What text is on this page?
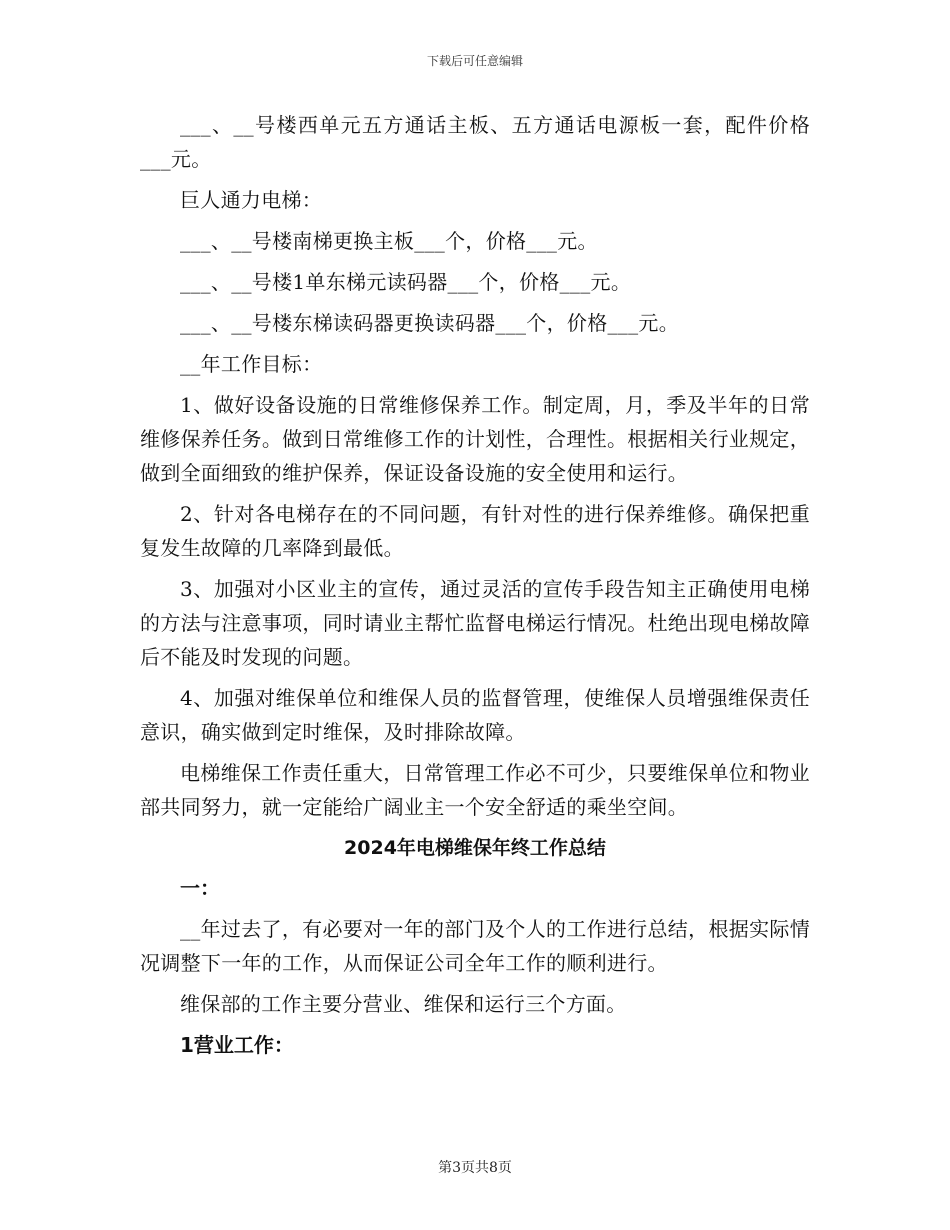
下载后可任意编辑

___、__号楼西单元五方通话主板、五方通话电源板一套，配件价格___元。

巨人通力电梯：

___、__号楼南梯更换主板___个，价格___元。

___、__号楼1单东梯元读码器___个，价格___元。

___、__号楼东梯读码器更换读码器___个，价格___元。

__年工作目标：

1、做好设备设施的日常维修保养工作。制定周，月，季及半年的日常维修保养任务。做到日常维修工作的计划性，合理性。根据相关行业规定，做到全面细致的维护保养，保证设备设施的安全使用和运行。

2、针对各电梯存在的不同问题，有针对性的进行保养维修。确保把重复发生故障的几率降到最低。

3、加强对小区业主的宣传，通过灵活的宣传手段告知主正确使用电梯的方法与注意事项，同时请业主帮忙监督电梯运行情况。杜绝出现电梯故障后不能及时发现的问题。

4、加强对维保单位和维保人员的监督管理，使维保人员增强维保责任意识，确实做到定时维保，及时排除故障。

电梯维保工作责任重大，日常管理工作必不可少，只要维保单位和物业部共同努力，就一定能给广阔业主一个安全舒适的乘坐空间。

2024年电梯维保年终工作总结

一：

__年过去了，有必要对一年的部门及个人的工作进行总结，根据实际情况调整下一年的工作，从而保证公司全年工作的顺利进行。

维保部的工作主要分营业、维保和运行三个方面。

1营业工作：

第3页共8页
